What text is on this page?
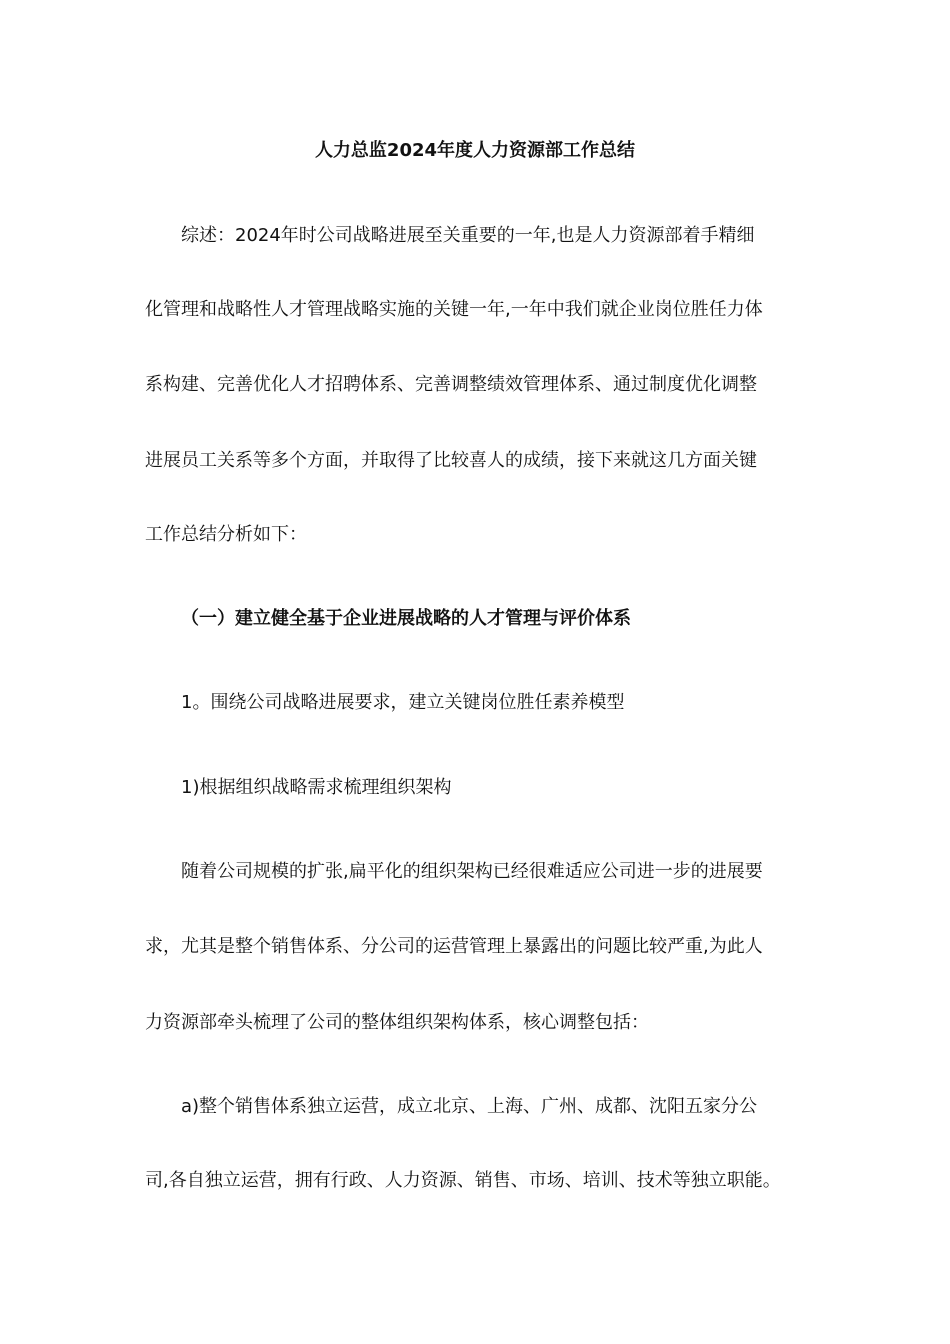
人力总监2024年度人力资源部工作总结
综述：2024年时公司战略进展至关重要的一年,也是人力资源部着手精细
化管理和战略性人才管理战略实施的关键一年,一年中我们就企业岗位胜任力体
系构建、完善优化人才招聘体系、完善调整绩效管理体系、通过制度优化调整
进展员工关系等多个方面，并取得了比较喜人的成绩，接下来就这几方面关键
工作总结分析如下：
（一）建立健全基于企业进展战略的人才管理与评价体系
1。围绕公司战略进展要求，建立关键岗位胜任素养模型
1)根据组织战略需求梳理组织架构
随着公司规模的扩张,扁平化的组织架构已经很难适应公司进一步的进展要
求，尤其是整个销售体系、分公司的运营管理上暴露出的问题比较严重,为此人
力资源部牵头梳理了公司的整体组织架构体系，核心调整包括：
a)整个销售体系独立运营，成立北京、上海、广州、成都、沈阳五家分公
司,各自独立运营，拥有行政、人力资源、销售、市场、培训、技术等独立职能。
